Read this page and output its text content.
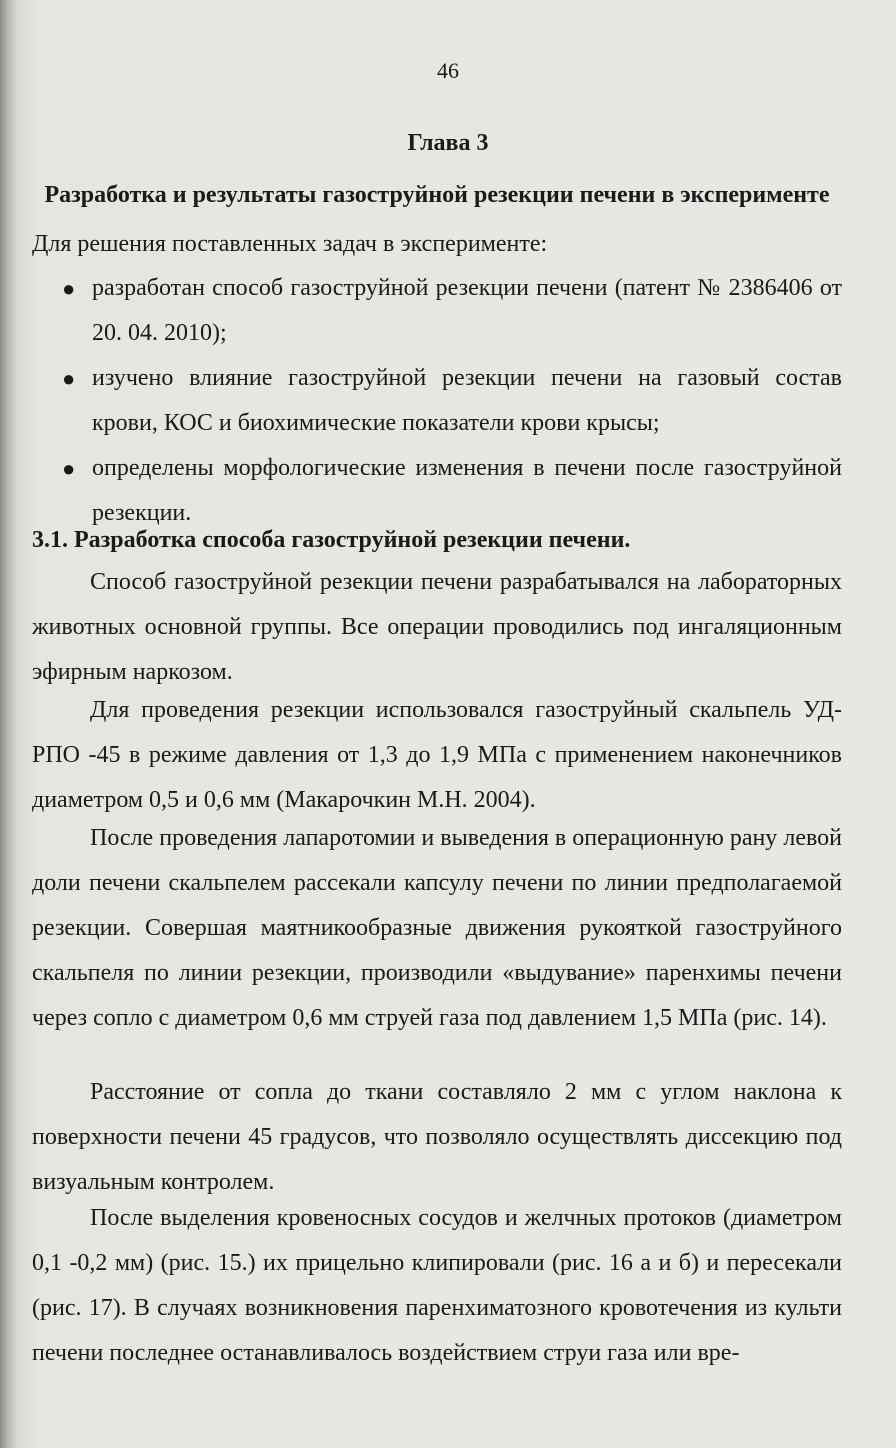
46
Глава 3
Разработка и результаты газоструйной резекции печени в эксперименте
Для решения поставленных задач в эксперименте:
● разработан способ газоструйной резекции печени (патент № 2386406 от 20. 04. 2010);
● изучено влияние газоструйной резекции печени на газовый состав крови, КОС и биохимические показатели крови крысы;
● определены морфологические изменения в печени после газоструйной резекции.
3.1. Разработка способа газоструйной резекции печени.
Способ газоструйной резекции печени разрабатывался на лабораторных животных основной группы. Все операции проводились под ингаляционным эфирным наркозом.
Для проведения резекции использовался газоструйный скальпель УД-РПО -45 в режиме давления от 1,3 до 1,9 МПа с применением наконечников диаметром 0,5 и 0,6 мм (Макарочкин М.Н. 2004).
После проведения лапаротомии и выведения в операционную рану левой доли печени скальпелем рассекали капсулу печени по линии предполагаемой резекции. Совершая маятникообразные движения рукояткой газоструйного скальпеля по линии резекции, производили «выдувание» паренхимы печени через сопло с диаметром 0,6 мм струей газа под давлением 1,5 МПа (рис. 14).
Расстояние от сопла до ткани составляло 2 мм с углом наклона к поверхности печени 45 градусов, что позволяло осуществлять диссекцию под визуальным контролем.
После выделения кровеносных сосудов и желчных протоков (диаметром 0,1 -0,2 мм) (рис. 15.) их прицельно клипировали (рис. 16 а и б) и пересекали (рис. 17). В случаях возникновения паренхиматозного кровотечения из культи печени последнее останавливалось воздействием струи газа или вре-
